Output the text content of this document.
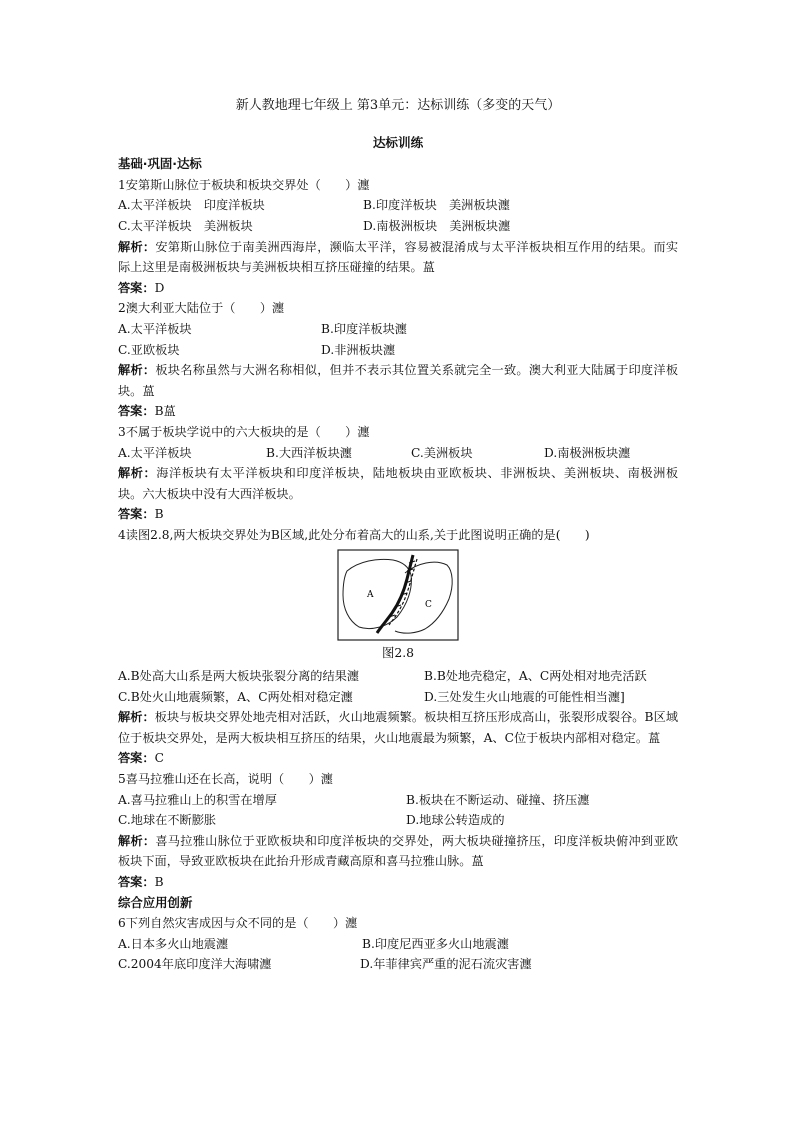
新人教地理七年级上 第3单元：达标训练（多变的天气）
达标训练
基础·巩固·达标
1安第斯山脉位于板块和板块交界处（　　）瀍
A.太平洋板块　印度洋板块	B.印度洋板块　美洲板块瀍
C.太平洋板块　美洲板块	D.南极洲板块　美洲板块瀍
解析：安第斯山脉位于南美洲西海岸，濒临太平洋，容易被混淆成与太平洋板块相互作用的结果。而实际上这里是南极洲板块与美洲板块相互挤压碰撞的结果。蒕
答案：D
2澳大利亚大陆位于（　　）瀍
A.太平洋板块	B.印度洋板块瀍
C.亚欧板块	D.非洲板块瀍
解析：板块名称虽然与大洲名称相似，但并不表示其位置关系就完全一致。澳大利亚大陆属于印度洋板块。蒕
答案：B蒕
3不属于板块学说中的六大板块的是（　　）瀍
A.太平洋板块	B.大西洋板块瀍	C.美洲板块	D.南极洲板块瀍
解析：海洋板块有太平洋板块和印度洋板块，陆地板块由亚欧板块、非洲板块、美洲板块、南极洲板块。六大板块中没有大西洋板块。
答案：B
4读图2.8,两大板块交界处为B区域,此处分布着高大的山系,关于此图说明正确的是(　　)
A
C
图2.8
A.B处高大山系是两大板块张裂分离的结果瀍	B.B处地壳稳定，A、C两处相对地壳活跃
C.B处火山地震频繁，A、C两处相对稳定瀍	D.三处发生火山地震的可能性相当瀍]
解析：板块与板块交界处地壳相对活跃，火山地震频繁。板块相互挤压形成高山，张裂形成裂谷。B区域位于板块交界处，是两大板块相互挤压的结果，火山地震最为频繁，A、C位于板块内部相对稳定。蒕
答案：C
5喜马拉雅山还在长高，说明（　　）瀍
A.喜马拉雅山上的积雪在增厚	B.板块在不断运动、碰撞、挤压瀍
C.地球在不断膨胀	D.地球公转造成的
解析：喜马拉雅山脉位于亚欧板块和印度洋板块的交界处，两大板块碰撞挤压，印度洋板块俯冲到亚欧板块下面，导致亚欧板块在此抬升形成青藏高原和喜马拉雅山脉。蒕
答案：B
综合应用创新
6下列自然灾害成因与众不同的是（　　）瀍
A.日本多火山地震瀍	B.印度尼西亚多火山地震瀍
C.2004年底印度洋大海啸瀍	D.年菲律宾严重的泥石流灾害瀍
